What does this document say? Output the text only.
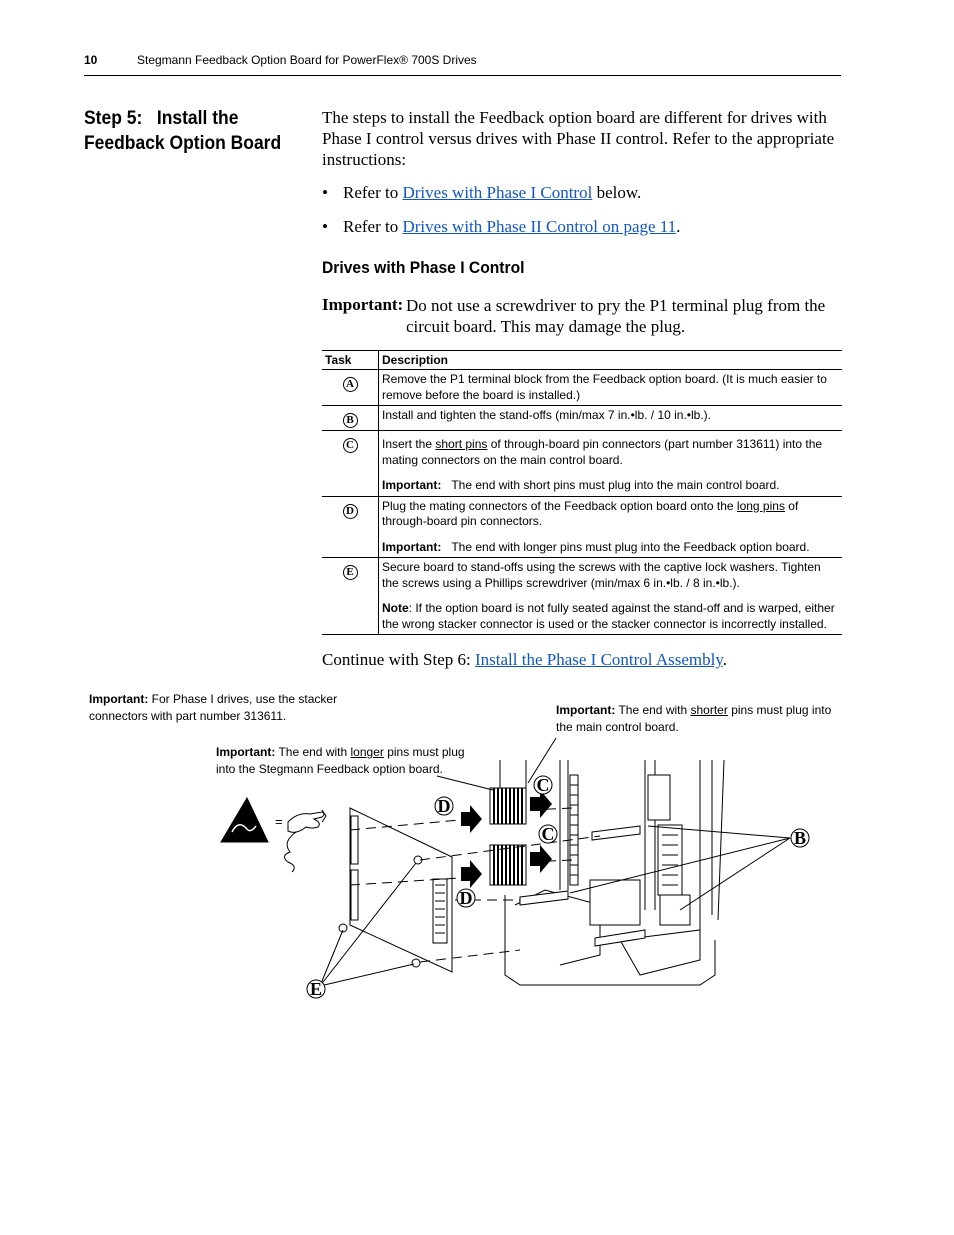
10	Stegmann Feedback Option Board for PowerFlex® 700S Drives
Step 5:   Install the
Feedback Option Board
The steps to install the Feedback option board are different for drives with Phase I control versus drives with Phase II control. Refer to the appropriate instructions:
• Refer to Drives with Phase I Control below.
• Refer to Drives with Phase II Control on page 11.
Drives with Phase I Control
Important: Do not use a screwdriver to pry the P1 terminal plug from the circuit board. This may damage the plug.
Task	Description
A	Remove the P1 terminal block from the Feedback option board. (It is much easier to remove before the board is installed.)
B	Install and tighten the stand-offs (min/max 7 in.•lb. / 10 in.•lb.).
C	Insert the short pins of through-board pin connectors (part number 313611) into the mating connectors on the main control board.
Important: The end with short pins must plug into the main control board.

D	Plug the mating connectors of the Feedback option board onto the long pins of through-board pin connectors.
Important: The end with longer pins must plug into the Feedback option board.

E	Secure board to stand-offs using the screws with the captive lock washers. Tighten the screws using a Phillips screwdriver (min/max 6 in.•lb. / 8 in.•lb.).
Note: If the option board is not fully seated against the stand-off and is warped, either the wrong stacker connector is used or the stacker connector is incorrectly installed.
Continue with Step 6: Install the Phase I Control Assembly.
Important: For Phase I drives, use the stacker connectors with part number 313611.	Important: The end with shorter pins must plug into the main control board.
Important: The end with longer pins must plug into the Stegmann Feedback option board.
C
C
D
D
B
E
=
